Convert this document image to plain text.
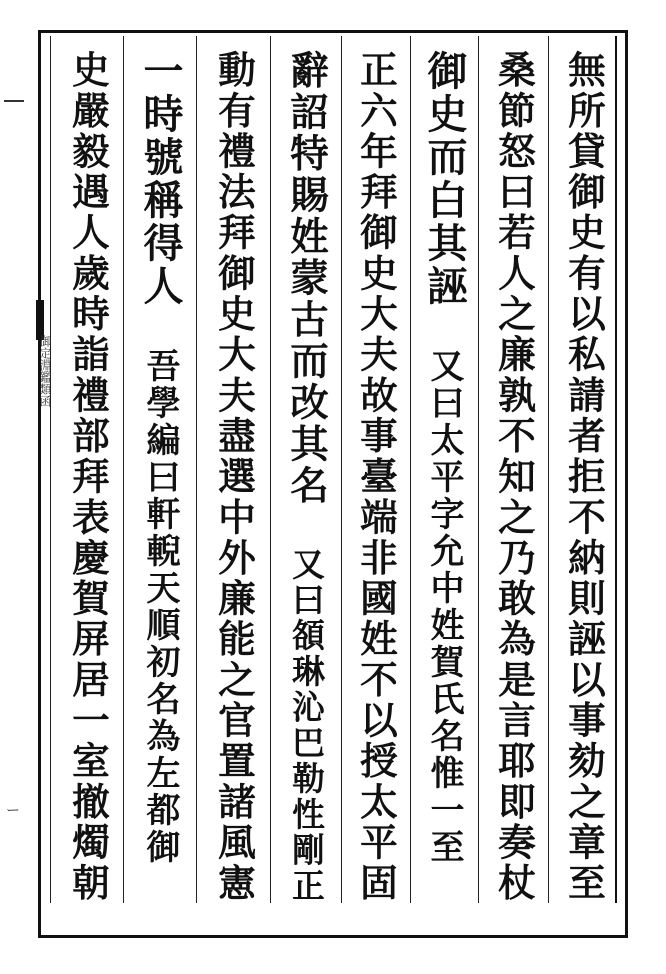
ー
御定淵鑑類函	無所貸御史有以私請者拒不納則誣以事劾之章至
桑節怒曰若人之廉孰不知之乃敢為是言耶即奏杖
御史而白其誣
又曰太平字允中姓賀氏名惟一至
正六年拜御史大夫故事臺端非國姓不以授太平固
辭詔特賜姓蒙古而改其名
又曰頟琳沁巴勒性剛正
動有禮法拜御史大夫盡選中外廉能之官置諸風憲
一時號稱得人
吾學編曰軒輗天順初名為左都御
史嚴毅遇人歲時詣禮部拜表慶賀屏居一室撤燭朝
